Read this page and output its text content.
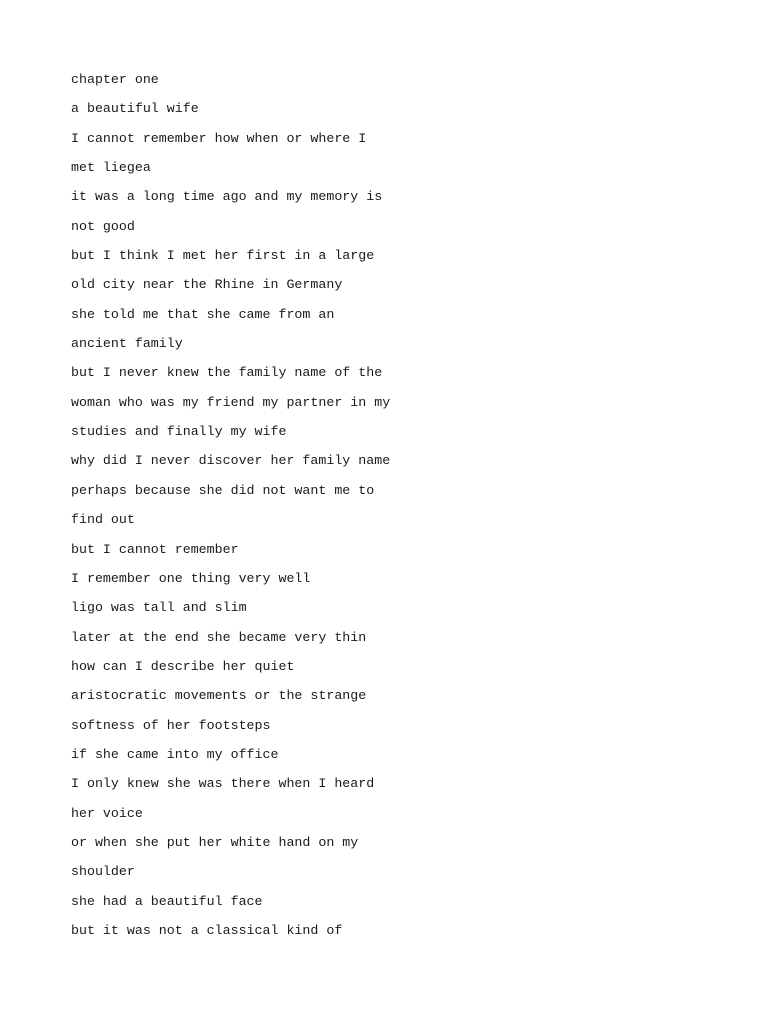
chapter one
a beautiful wife
I cannot remember how when or where I
met liegea
it was a long time ago and my memory is
not good
but I think I met her first in a large
old city near the Rhine in Germany
she told me that she came from an
ancient family
but I never knew the family name of the
woman who was my friend my partner in my
studies and finally my wife
why did I never discover her family name
perhaps because she did not want me to
find out
but I cannot remember
I remember one thing very well
ligo was tall and slim
later at the end she became very thin
how can I describe her quiet
aristocratic movements or the strange
softness of her footsteps
if she came into my office
I only knew she was there when I heard
her voice
or when she put her white hand on my
shoulder
she had a beautiful face
but it was not a classical kind of
